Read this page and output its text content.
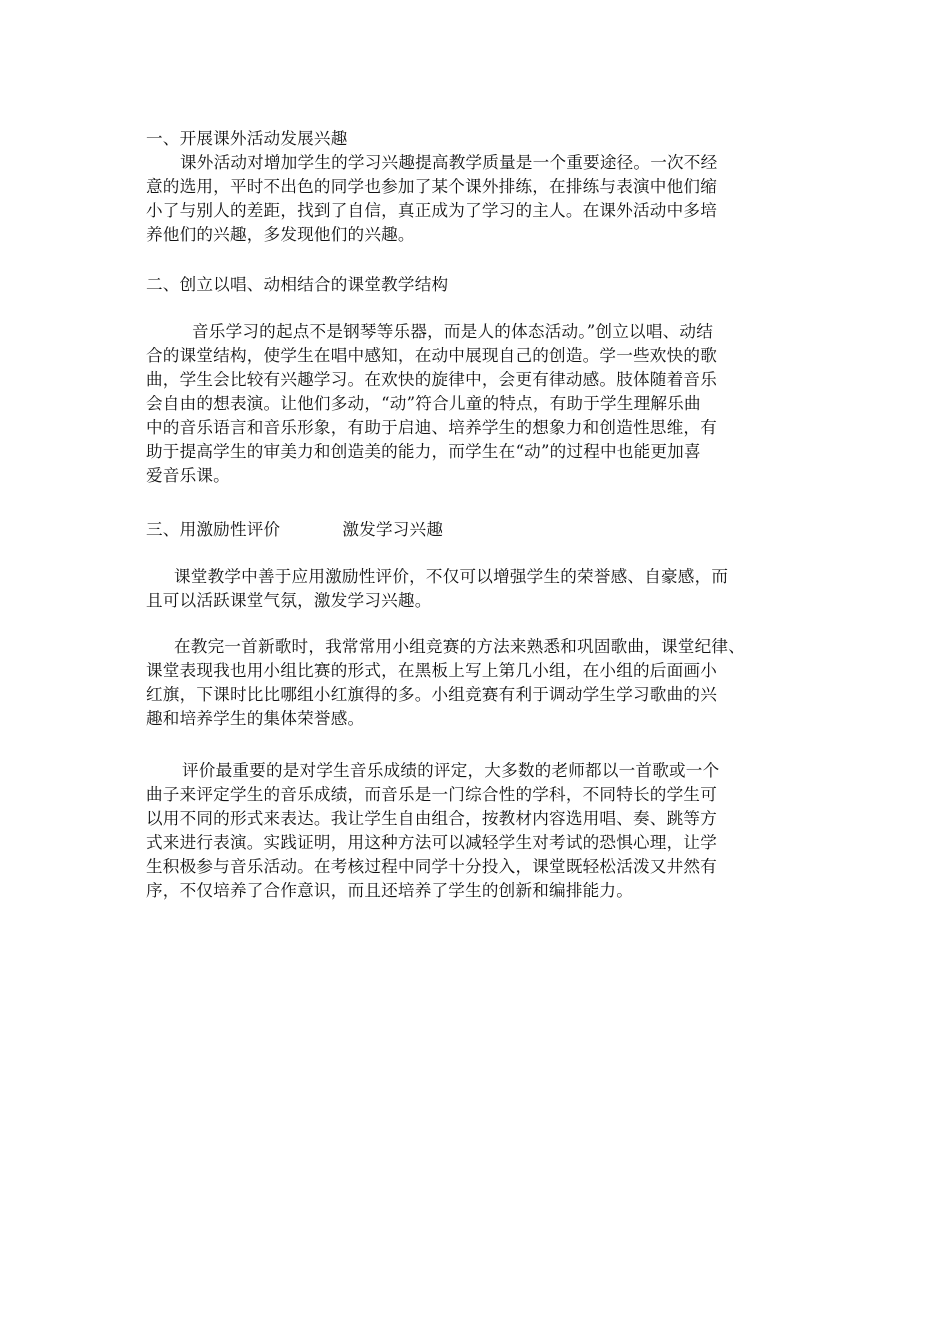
一、开展课外活动发展兴趣
课外活动对增加学生的学习兴趣提高教学质量是一个重要途径。一次不经
意的选用，平时不出色的同学也参加了某个课外排练，在排练与表演中他们缩
小了与别人的差距，找到了自信，真正成为了学习的主人。在课外活动中多培
养他们的兴趣，多发现他们的兴趣。
二、创立以唱、动相结合的课堂教学结构
音乐学习的起点不是钢琴等乐器，而是人的体态活动。”创立以唱、动结
合的课堂结构，使学生在唱中感知，在动中展现自己的创造。学一些欢快的歌
曲，学生会比较有兴趣学习。在欢快的旋律中，会更有律动感。肢体随着音乐
会自由的想表演。让他们多动，“动”符合儿童的特点，有助于学生理解乐曲
中的音乐语言和音乐形象，有助于启迪、培养学生的想象力和创造性思维，有
助于提高学生的审美力和创造美的能力，而学生在“动”的过程中也能更加喜
爱音乐课。
三、用激励性评价	激发学习兴趣
课堂教学中善于应用激励性评价，不仅可以增强学生的荣誉感、自豪感，而
且可以活跃课堂气氛，激发学习兴趣。
在教完一首新歌时，我常常用小组竞赛的方法来熟悉和巩固歌曲，课堂纪律、
课堂表现我也用小组比赛的形式，在黑板上写上第几小组，在小组的后面画小
红旗，下课时比比哪组小红旗得的多。小组竞赛有利于调动学生学习歌曲的兴
趣和培养学生的集体荣誉感。
评价最重要的是对学生音乐成绩的评定，大多数的老师都以一首歌或一个
曲子来评定学生的音乐成绩，而音乐是一门综合性的学科，不同特长的学生可
以用不同的形式来表达。我让学生自由组合，按教材内容选用唱、奏、跳等方
式来进行表演。实践证明，用这种方法可以减轻学生对考试的恐惧心理，让学
生积极参与音乐活动。在考核过程中同学十分投入，课堂既轻松活泼又井然有
序，不仅培养了合作意识，而且还培养了学生的创新和编排能力。
